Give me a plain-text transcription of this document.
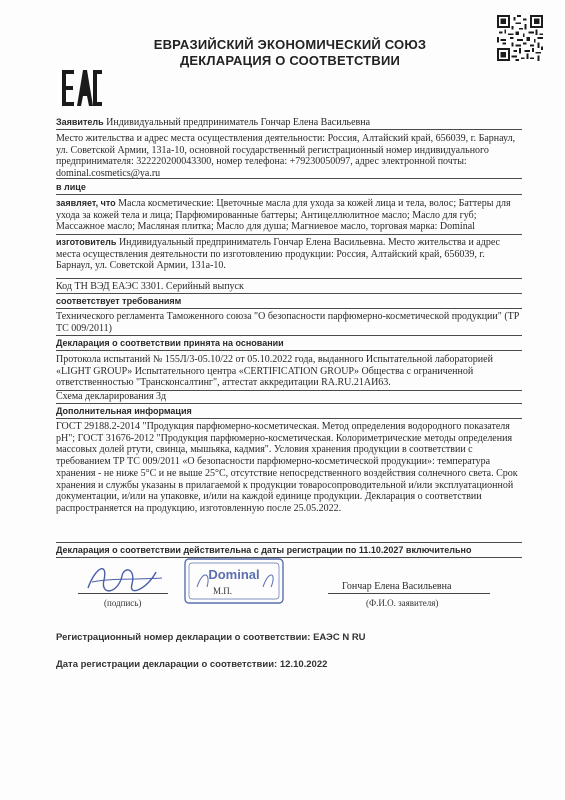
ЕВРАЗИЙСКИЙ ЭКОНОМИЧЕСКИЙ СОЮЗ
ДЕКЛАРАЦИЯ О СООТВЕТСТВИИ
Заявитель Индивидуальный предприниматель Гончар Елена Васильевна
Место жительства и адрес места осуществления деятельности: Россия, Алтайский край, 656039, г. Барнаул, ул. Советской Армии, 131а-10, основной государственный регистрационный номер индивидуального предпринимателя: 322220200043300, номер телефона: +79230050097, адрес электронной почты: dominal.cosmetics@ya.ru
в лице
заявляет, что Масла косметические: Цветочные масла для ухода за кожей лица и тела, волос; Баттеры для ухода за кожей тела и лица; Парфюмированные баттеры; Антицеллюлитное масло; Масло для губ; Массажное масло; Масляная плитка; Масло для душа; Магниевое масло, торговая марка: Dominal
изготовитель Индивидуальный предприниматель Гончар Елена Васильевна. Место жительства и адрес места осуществления деятельности по изготовлению продукции: Россия, Алтайский край, 656039, г. Барнаул, ул. Советской Армии, 131а-10.
Код ТН ВЭД ЕАЭС 3301. Серийный выпуск
соответствует требованиям
Технического регламента Таможенного союза "О безопасности парфюмерно-косметической продукции" (ТР ТС 009/2011)
Декларация о соответствии принята на основании
Протокола испытаний № 155Л/3-05.10/22 от 05.10.2022 года, выданного Испытательной лабораторией «LIGHT GROUP» Испытательного центра «CERTIFICATION GROUP» Общества с ограниченной ответственностью "Трансконсалтинг", аттестат аккредитации RA.RU.21АИ63.
Схема декларирования 3д
Дополнительная информация
ГОСТ 29188.2-2014 "Продукция парфюмерно-косметическая. Метод определения водородного показателя рН"; ГОСТ 31676-2012 "Продукция парфюмерно-косметическая. Колориметрические методы определения массовых долей ртути, свинца, мышьяка, кадмия". Условия хранения продукции в соответствии с требованием ТР ТС 009/2011 «О безопасности парфюмерно-косметической продукции»: температура хранения - не ниже 5°С и не выше 25°С, отсутствие непосредственного воздействия солнечного света. Срок хранения и службы указаны в прилагаемой к продукции товаросопроводительной и/или эксплуатационной документации, и/или на упаковке, и/или на каждой единице продукции. Декларация о соответствии распространяется на продукцию, изготовленную после 25.05.2022.
Декларация о соответствии действительна с даты регистрации по 11.10.2027 включительно
(подпись)
Dominal
М.П.	Гончар Елена Васильевна
(Ф.И.О. заявителя)
Регистрационный номер декларации о соответствии: ЕАЭС N RU
Дата регистрации декларации о соответствии: 12.10.2022
